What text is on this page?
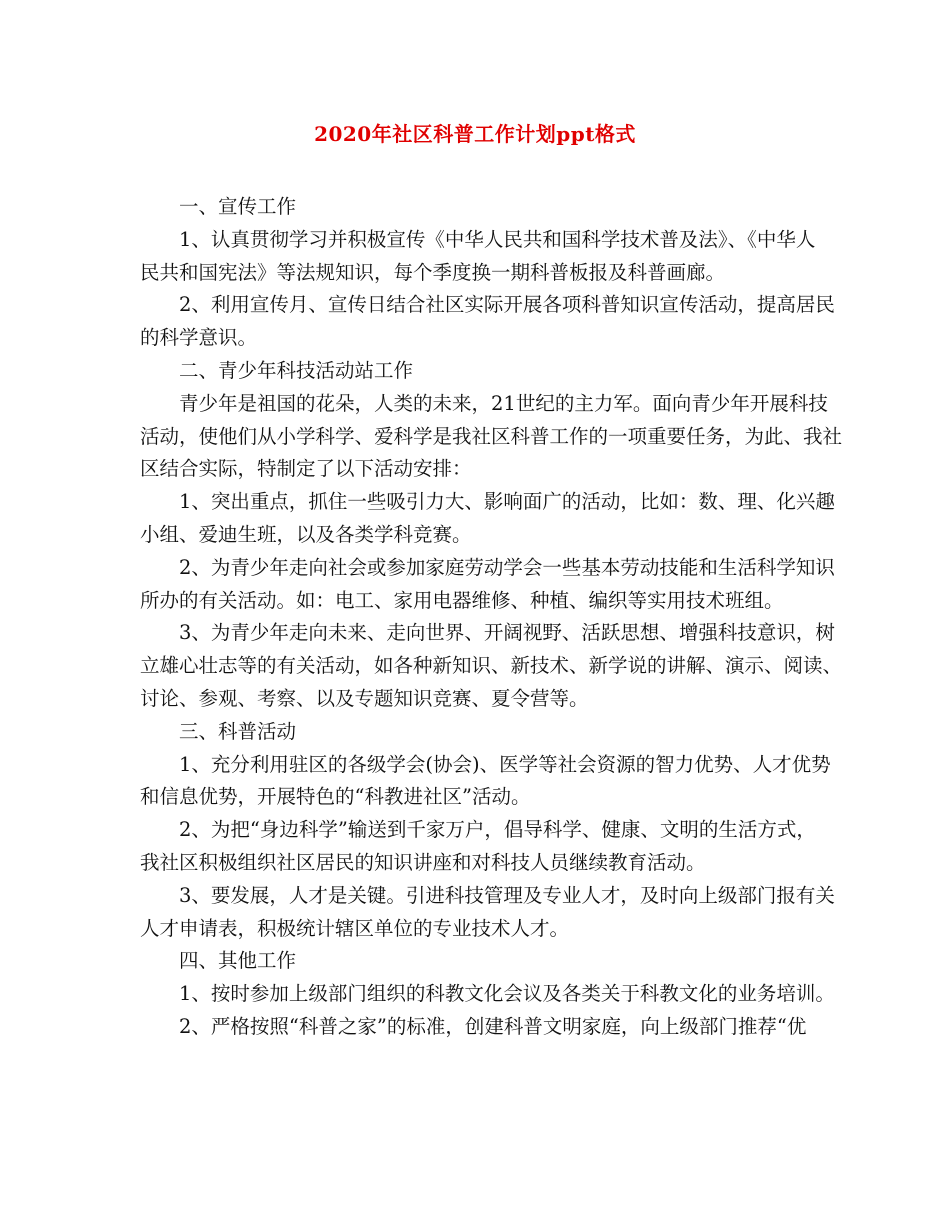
2020年社区科普工作计划ppt格式

一、宣传工作

1、认真贯彻学习并积极宣传《中华人民共和国科学技术普及法》、《中华人

民共和国宪法》等法规知识，每个季度换一期科普板报及科普画廊。

2、利用宣传月、宣传日结合社区实际开展各项科普知识宣传活动，提高居民

的科学意识。

二、青少年科技活动站工作

青少年是祖国的花朵，人类的未来，21世纪的主力军。面向青少年开展科技

活动，使他们从小学科学、爱科学是我社区科普工作的一项重要任务，为此、我社

区结合实际，特制定了以下活动安排：

1、突出重点，抓住一些吸引力大、影响面广的活动，比如：数、理、化兴趣

小组、爱迪生班，以及各类学科竞赛。

2、为青少年走向社会或参加家庭劳动学会一些基本劳动技能和生活科学知识

所办的有关活动。如：电工、家用电器维修、种植、编织等实用技术班组。

3、为青少年走向未来、走向世界、开阔视野、活跃思想、增强科技意识，树

立雄心壮志等的有关活动，如各种新知识、新技术、新学说的讲解、演示、阅读、

讨论、参观、考察、以及专题知识竞赛、夏令营等。

三、科普活动

1、充分利用驻区的各级学会(协会)、医学等社会资源的智力优势、人才优势

和信息优势，开展特色的“科教进社区”活动。

2、为把“身边科学”输送到千家万户，倡导科学、健康、文明的生活方式，

我社区积极组织社区居民的知识讲座和对科技人员继续教育活动。

3、要发展，人才是关键。引进科技管理及专业人才，及时向上级部门报有关

人才申请表，积极统计辖区单位的专业技术人才。

四、其他工作

1、按时参加上级部门组织的科教文化会议及各类关于科教文化的业务培训。

2、严格按照“科普之家”的标准，创建科普文明家庭，向上级部门推荐“优
